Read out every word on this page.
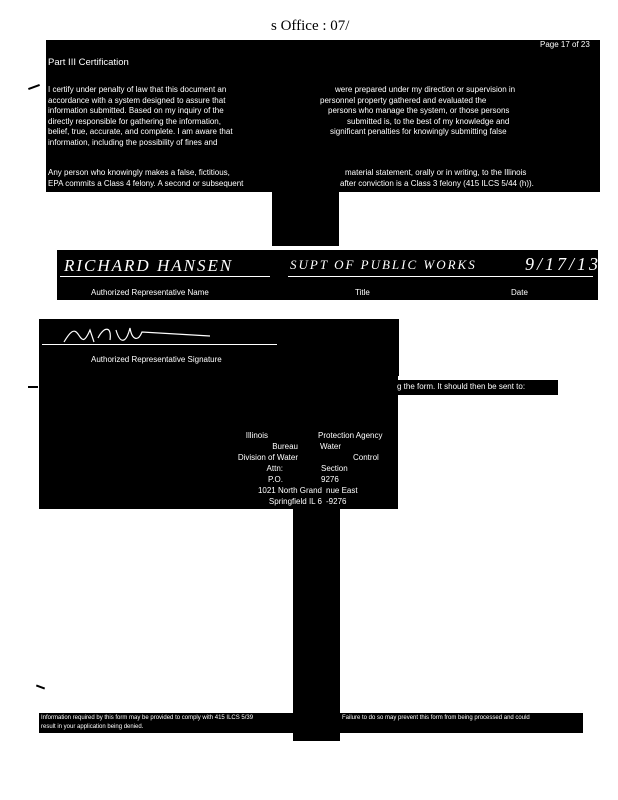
s Office : 07/
Page 17 of 23
Part III Certification
I certify under penalty of law that this document an
accordance with a system designed to assure that
information submitted. Based on my inquiry of the
directly responsible for gathering the information,
belief, true, accurate, and complete. I am aware that
information, including the possibility of fines and
were prepared under my direction or supervision in
personnel property gathered and evaluated the
persons who manage the system, or those persons
submitted is, to the best of my knowledge and
significant penalties for knowingly submitting false
Any person who knowingly makes a false, fictitious,
EPA commits a Class 4 felony. A second or subsequent
material statement, orally or in writing, to the Illinois
after conviction is a Class 3 felony (415 ILCS 5/44 (h)).
RICHARD HANSEN	SUPT OF PUBLIC WORKS	9/17/13
Authorized Representative Name	Title	Date
Authorized Representative Signature
g the form. It should then be sent to:
Illinois	Protection Agency
Bureau	Water
Division of Water	Control
Attn:	Section
P.O.	9276
1021 North Grand nue East
Springfield IL 6 -9276
Information required by this form may be provided to comply with 415 ILCS 5/39	Failure to do so may prevent this form from being processed and could
result in your application being denied.
